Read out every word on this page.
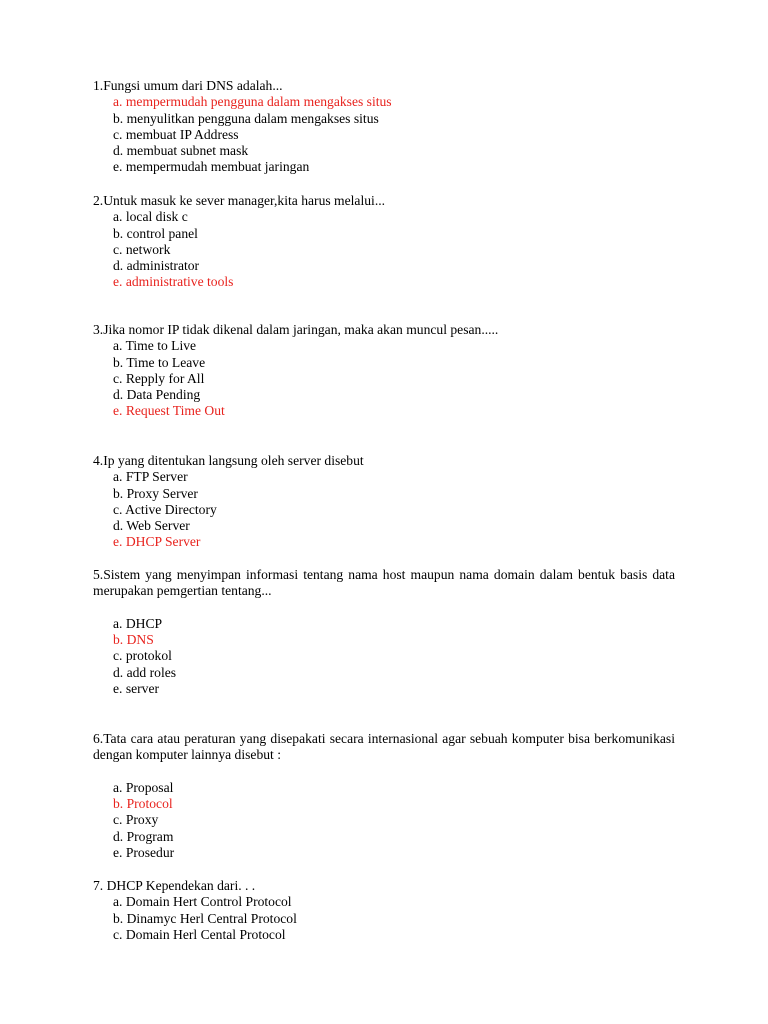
1.Fungsi umum dari DNS adalah...

a. mempermudah pengguna dalam mengakses situs
b. menyulitkan pengguna dalam mengakses situs
c. membuat IP Address
d. membuat subnet mask
e. mempermudah membuat jaringan

2.Untuk masuk ke sever manager,kita harus melalui...

a. local disk c
b. control panel
c. network
d. administrator
e. administrative tools

3.Jika nomor IP tidak dikenal dalam jaringan, maka akan muncul pesan.....

a. Time to Live
b. Time to Leave
c. Repply for All
d. Data Pending
e. Request Time Out

4.Ip yang ditentukan langsung oleh server disebut

a. FTP Server
b. Proxy Server
c. Active Directory
d. Web Server
e. DHCP Server

5.Sistem yang menyimpan informasi tentang nama host maupun nama domain dalam bentuk basis data merupakan pemgertian tentang...

a. DHCP
b. DNS
c. protokol
d. add roles
e. server

6.Tata cara atau peraturan yang disepakati secara internasional agar sebuah komputer bisa berkomunikasi dengan komputer lainnya disebut :

a. Proposal
b. Protocol
c. Proxy
d. Program
e. Prosedur

7. DHCP Kependekan dari. . .

a. Domain Hert Control Protocol
b. Dinamyc Herl Central Protocol
c. Domain Herl Cental Protocol
